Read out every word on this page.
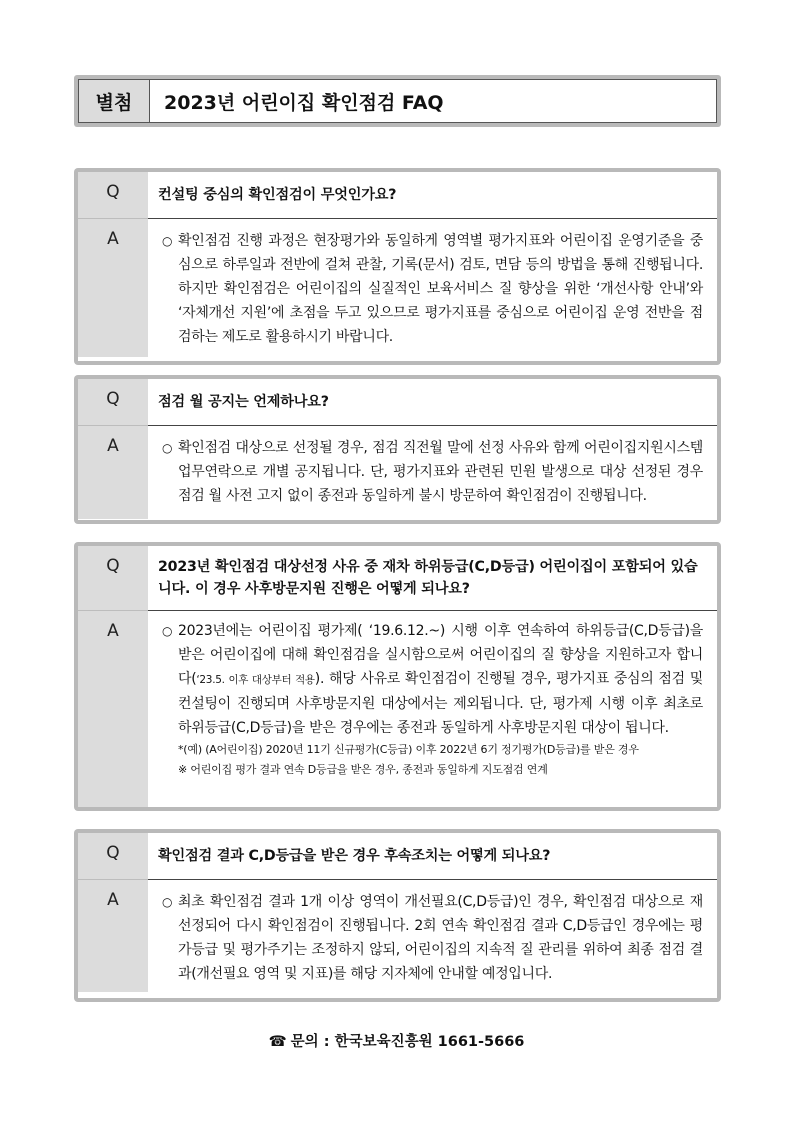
별첨	2023년 어린이집 확인점검 FAQ
Q	컨설팅 중심의 확인점검이 무엇인가요?
A	○ 확인점검 진행 과정은 현장평가와 동일하게 영역별 평가지표와 어린이집 운영기준을 중심으로 하루일과 전반에 걸쳐 관찰, 기록(문서) 검토, 면담 등의 방법을 통해 진행됩니다. 하지만 확인점검은 어린이집의 실질적인 보육서비스 질 향상을 위한 ‘개선사항 안내’와 ‘자체개선 지원’에 초점을 두고 있으므로 평가지표를 중심으로 어린이집 운영 전반을 점검하는 제도로 활용하시기 바랍니다.
Q	점검 월 공지는 언제하나요?
A	○ 확인점검 대상으로 선정될 경우, 점검 직전월 말에 선정 사유와 함께 어린이집지원시스템 업무연락으로 개별 공지됩니다. 단, 평가지표와 관련된 민원 발생으로 대상 선정된 경우 점검 월 사전 고지 없이 종전과 동일하게 불시 방문하여 확인점검이 진행됩니다.
Q	2023년 확인점검 대상선정 사유 중 재차 하위등급(C,D등급) 어린이집이 포함되어 있습니다. 이 경우 사후방문지원 진행은 어떻게 되나요?
A	○ 2023년에는 어린이집 평가제( ‘19.6.12.~) 시행 이후 연속하여 하위등급(C,D등급)을 받은 어린이집에 대해 확인점검을 실시함으로써 어린이집의 질 향상을 지원하고자 합니다(‘23.5. 이후 대상부터 적용). 해당 사유로 확인점검이 진행될 경우, 평가지표 중심의 점검 및 컨설팅이 진행되며 사후방문지원 대상에서는 제외됩니다. 단, 평가제 시행 이후 최초로 하위등급(C,D등급)을 받은 경우에는 종전과 동일하게 사후방문지원 대상이 됩니다.
*(예) (A어린이집) 2020년 11기 신규평가(C등급) 이후 2022년 6기 정기평가(D등급)를 받은 경우
※ 어린이집 평가 결과 연속 D등급을 받은 경우, 종전과 동일하게 지도점검 연계
Q	확인점검 결과 C,D등급을 받은 경우 후속조치는 어떻게 되나요?
A	○ 최초 확인점검 결과 1개 이상 영역이 개선필요(C,D등급)인 경우, 확인점검 대상으로 재선정되어 다시 확인점검이 진행됩니다. 2회 연속 확인점검 결과 C,D등급인 경우에는 평가등급 및 평가주기는 조정하지 않되, 어린이집의 지속적 질 관리를 위하여 최종 점검 결과(개선필요 영역 및 지표)를 해당 지자체에 안내할 예정입니다.
☎ 문의 : 한국보육진흥원 1661-5666
